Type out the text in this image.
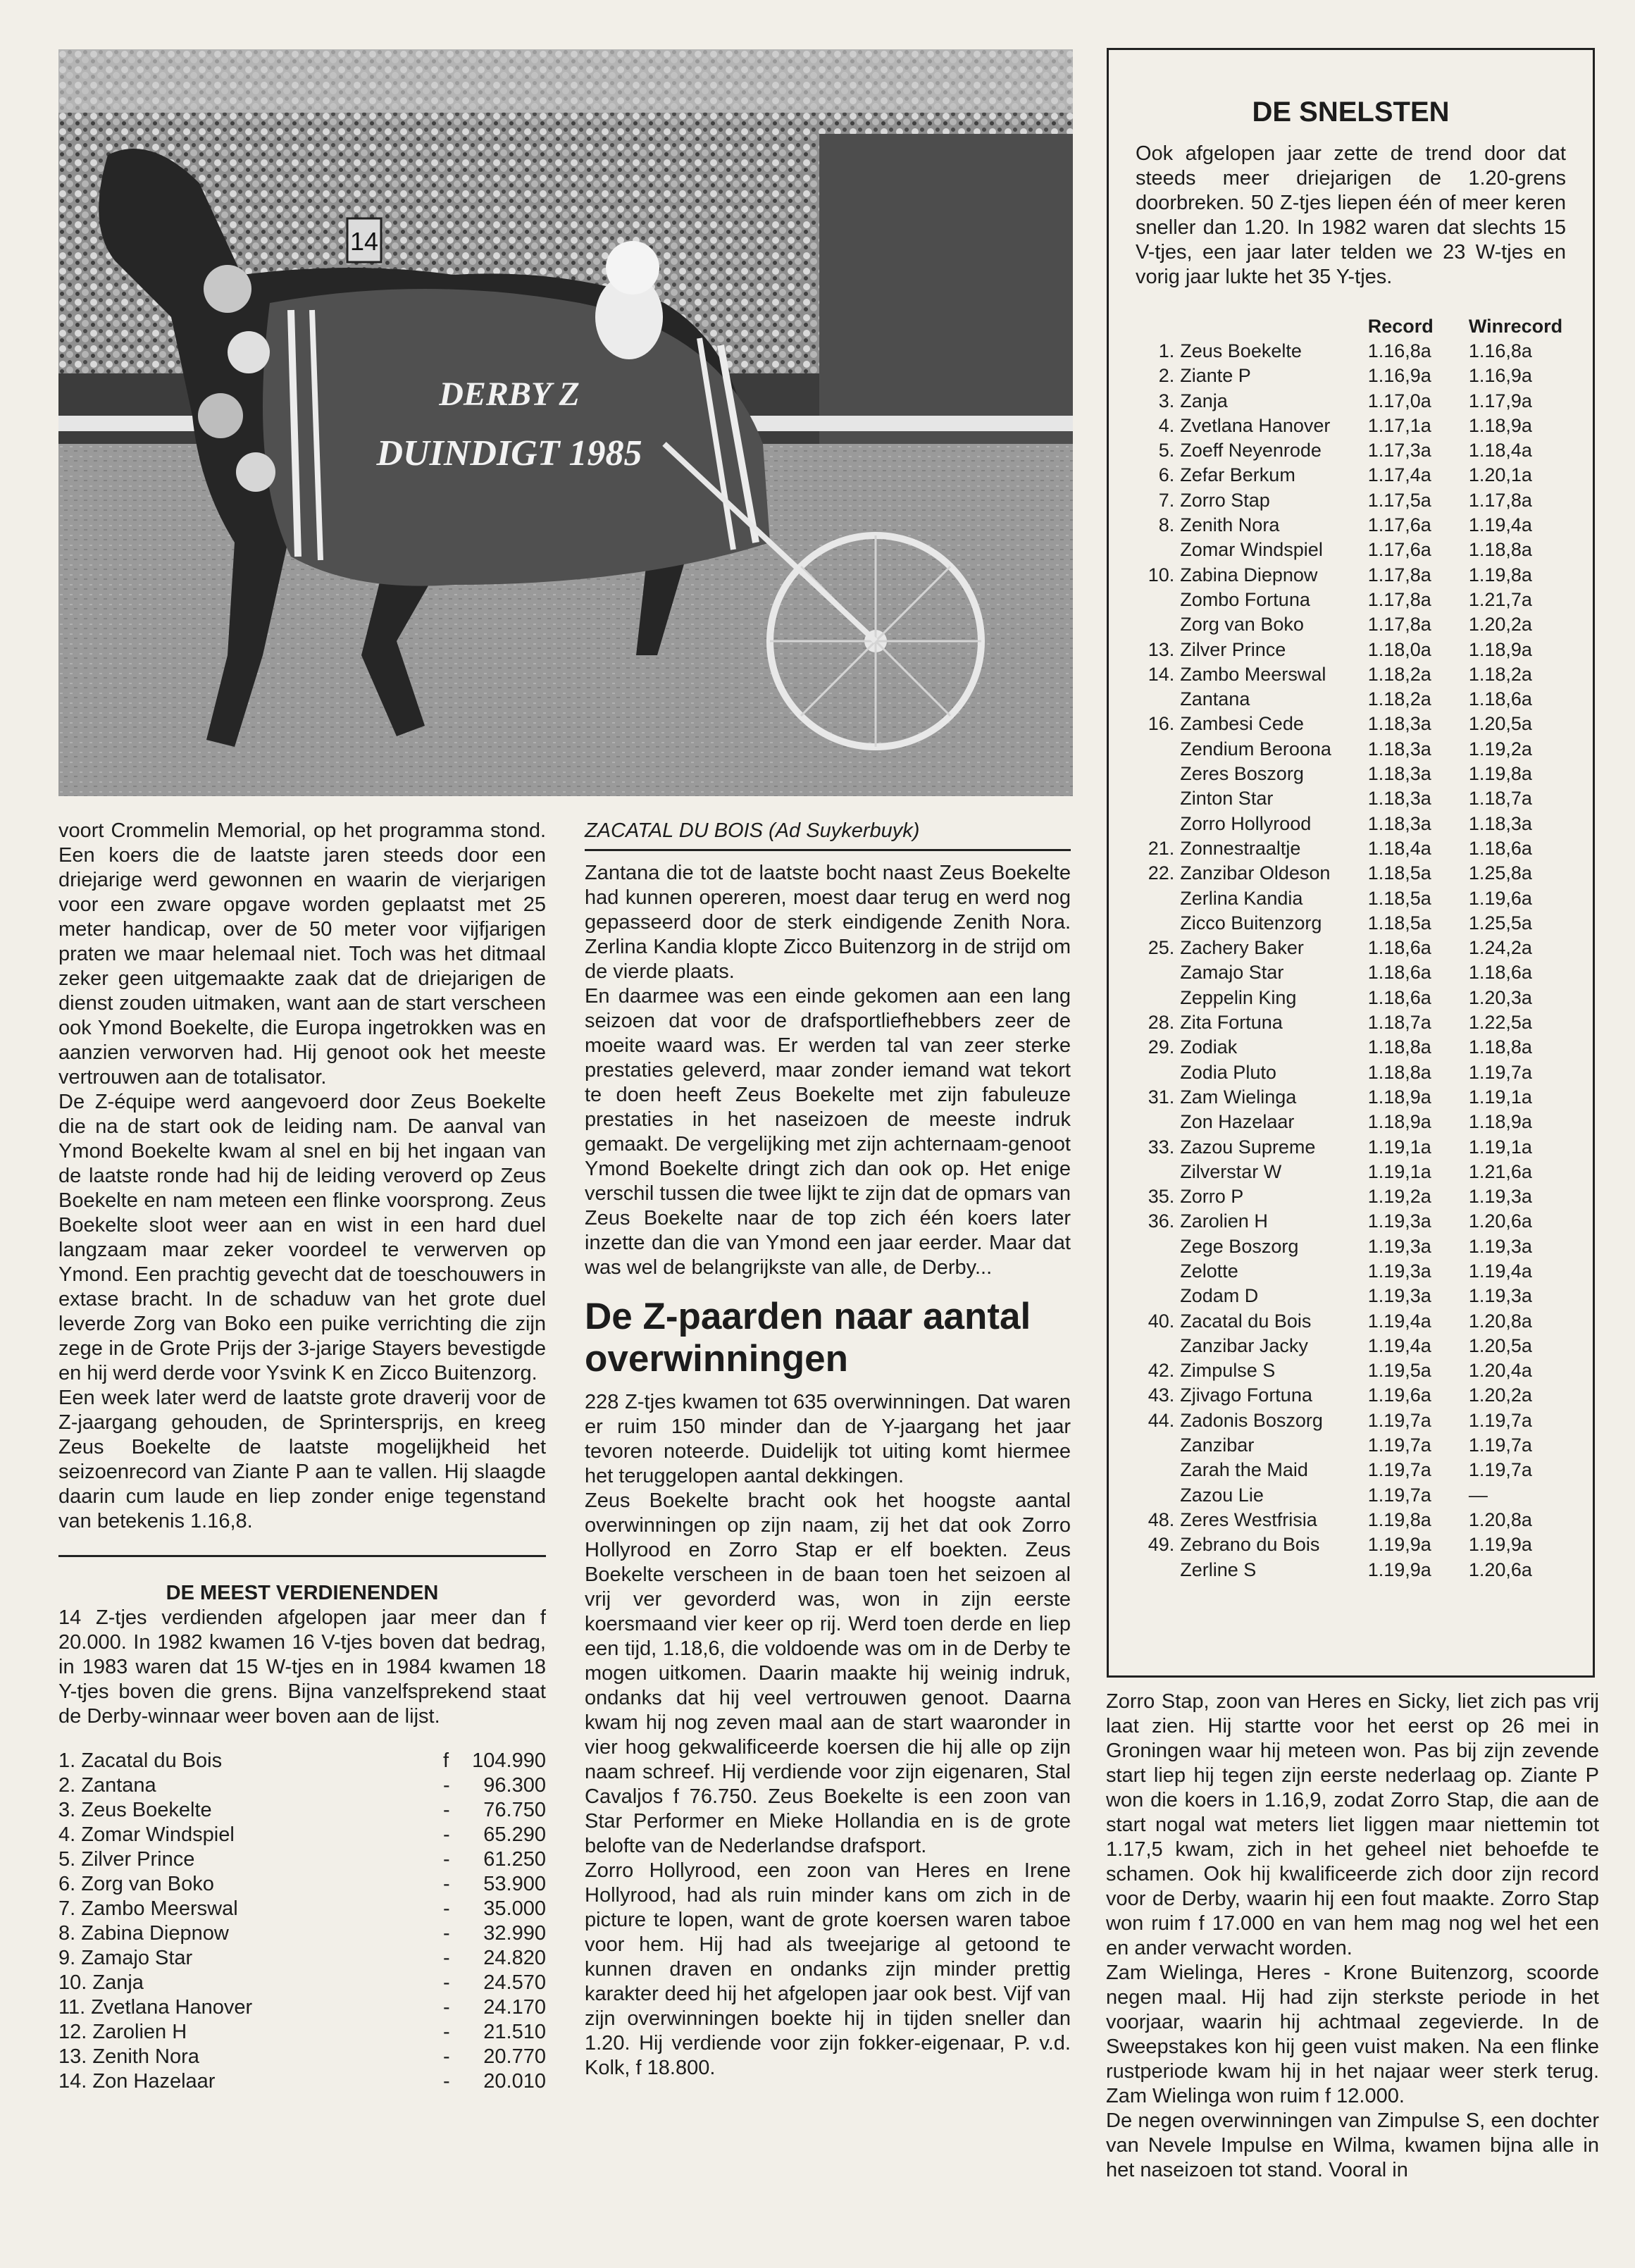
DERBY Z
DUINDIGT 1985
14

voort Crommelin Memorial, op het programma stond. Een koers die de laatste jaren steeds door een driejarige werd gewonnen en waarin de vierjarigen voor een zware opgave worden geplaatst met 25 meter handicap, over de 50 meter voor vijfjarigen praten we maar helemaal niet. Toch was het ditmaal zeker geen uitgemaakte zaak dat de driejarigen de dienst zouden uitmaken, want aan de start verscheen ook Ymond Boekelte, die Europa ingetrokken was en aanzien verworven had. Hij genoot ook het meeste vertrouwen aan de totalisator.

De Z-équipe werd aangevoerd door Zeus Boekelte die na de start ook de leiding nam. De aanval van Ymond Boekelte kwam al snel en bij het ingaan van de laatste ronde had hij de leiding veroverd op Zeus Boekelte en nam meteen een flinke voorsprong. Zeus Boekelte sloot weer aan en wist in een hard duel langzaam maar zeker voordeel te verwerven op Ymond. Een prachtig gevecht dat de toeschouwers in extase bracht. In de schaduw van het grote duel leverde Zorg van Boko een puike verrichting die zijn zege in de Grote Prijs der 3-jarige Stayers bevestigde en hij werd derde voor Ysvink K en Zicco Buitenzorg.

Een week later werd de laatste grote draverij voor de Z-jaargang gehouden, de Sprintersprijs, en kreeg Zeus Boekelte de laatste mogelijkheid het seizoenrecord van Ziante P aan te vallen. Hij slaagde daarin cum laude en liep zonder enige tegenstand van betekenis 1.16,8.

DE MEEST VERDIENENDEN

14 Z-tjes verdienden afgelopen jaar meer dan f 20.000. In 1982 kwamen 16 V-tjes boven dat bedrag, in 1983 waren dat 15 W-tjes en in 1984 kwamen 18 Y-tjes boven die grens. Bijna vanzelfsprekend staat de Derby-winnaar weer boven aan de lijst.

1. Zacatal du Bois	f	104.990
2. Zantana	-	96.300
3. Zeus Boekelte	-	76.750
4. Zomar Windspiel	-	65.290
5. Zilver Prince	-	61.250
6. Zorg van Boko	-	53.900
7. Zambo Meerswal	-	35.000
8. Zabina Diepnow	-	32.990
9. Zamajo Star	-	24.820
10. Zanja	-	24.570
11. Zvetlana Hanover	-	24.170
12. Zarolien H	-	21.510
13. Zenith Nora	-	20.770
14. Zon Hazelaar	-	20.010
ZACATAL DU BOIS (Ad Suykerbuyk)

Zantana die tot de laatste bocht naast Zeus Boekelte had kunnen opereren, moest daar terug en werd nog gepasseerd door de sterk eindigende Zenith Nora. Zerlina Kandia klopte Zicco Buitenzorg in de strijd om de vierde plaats.

En daarmee was een einde gekomen aan een lang seizoen dat voor de drafsportliefhebbers zeer de moeite waard was. Er werden tal van zeer sterke prestaties geleverd, maar zonder iemand wat tekort te doen heeft Zeus Boekelte met zijn fabuleuze prestaties in het naseizoen de meeste indruk gemaakt. De vergelijking met zijn achternaam-genoot Ymond Boekelte dringt zich dan ook op. Het enige verschil tussen die twee lijkt te zijn dat de opmars van Zeus Boekelte naar de top zich één koers later inzette dan die van Ymond een jaar eerder. Maar dat was wel de belangrijkste van alle, de Derby...

De Z-paarden naar aantal overwinningen

228 Z-tjes kwamen tot 635 overwinningen. Dat waren er ruim 150 minder dan de Y-jaargang het jaar tevoren noteerde. Duidelijk tot uiting komt hiermee het teruggelopen aantal dekkingen.

Zeus Boekelte bracht ook het hoogste aantal overwinningen op zijn naam, zij het dat ook Zorro Hollyrood en Zorro Stap er elf boekten. Zeus Boekelte verscheen in de baan toen het seizoen al vrij ver gevorderd was, won in zijn eerste koersmaand vier keer op rij. Werd toen derde en liep een tijd, 1.18,6, die voldoende was om in de Derby te mogen uitkomen. Daarin maakte hij weinig indruk, ondanks dat hij veel vertrouwen genoot. Daarna kwam hij nog zeven maal aan de start waaronder in vier hoog gekwalificeerde koersen die hij alle op zijn naam schreef. Hij verdiende voor zijn eigenaren, Stal Cavaljos f 76.750. Zeus Boekelte is een zoon van Star Performer en Mieke Hollandia en is de grote belofte van de Nederlandse drafsport.

Zorro Hollyrood, een zoon van Heres en Irene Hollyrood, had als ruin minder kans om zich in de picture te lopen, want de grote koersen waren taboe voor hem. Hij had als tweejarige al getoond te kunnen draven en ondanks zijn minder prettig karakter deed hij het afgelopen jaar ook best. Vijf van zijn overwinningen boekte hij in tijden sneller dan 1.20. Hij verdiende voor zijn fokker-eigenaar, P. v.d. Kolk, f 18.800.

DE SNELSTEN

Ook afgelopen jaar zette de trend door dat steeds meer driejarigen de 1.20-grens doorbreken. 50 Z-tjes liepen één of meer keren sneller dan 1.20. In 1982 waren dat slechts 15 V-tjes, een jaar later telden we 23 W-tjes en vorig jaar lukte het 35 Y-tjes.

Record	Winrecord
1. Zeus Boekelte	1.16,8a	1.16,8a
2. Ziante P	1.16,9a	1.16,9a
3. Zanja	1.17,0a	1.17,9a
4. Zvetlana Hanover	1.17,1a	1.18,9a
5. Zoeff Neyenrode	1.17,3a	1.18,4a
6. Zefar Berkum	1.17,4a	1.20,1a
7. Zorro Stap	1.17,5a	1.17,8a
8. Zenith Nora	1.17,6a	1.19,4a
Zomar Windspiel	1.17,6a	1.18,8a
10. Zabina Diepnow	1.17,8a	1.19,8a
Zombo Fortuna	1.17,8a	1.21,7a
Zorg van Boko	1.17,8a	1.20,2a
13. Zilver Prince	1.18,0a	1.18,9a
14. Zambo Meerswal	1.18,2a	1.18,2a
Zantana	1.18,2a	1.18,6a
16. Zambesi Cede	1.18,3a	1.20,5a
Zendium Beroona	1.18,3a	1.19,2a
Zeres Boszorg	1.18,3a	1.19,8a
Zinton Star	1.18,3a	1.18,7a
Zorro Hollyrood	1.18,3a	1.18,3a
21. Zonnestraaltje	1.18,4a	1.18,6a
22. Zanzibar Oldeson	1.18,5a	1.25,8a
Zerlina Kandia	1.18,5a	1.19,6a
Zicco Buitenzorg	1.18,5a	1.25,5a
25. Zachery Baker	1.18,6a	1.24,2a
Zamajo Star	1.18,6a	1.18,6a
Zeppelin King	1.18,6a	1.20,3a
28. Zita Fortuna	1.18,7a	1.22,5a
29. Zodiak	1.18,8a	1.18,8a
Zodia Pluto	1.18,8a	1.19,7a
31. Zam Wielinga	1.18,9a	1.19,1a
Zon Hazelaar	1.18,9a	1.18,9a
33. Zazou Supreme	1.19,1a	1.19,1a
Zilverstar W	1.19,1a	1.21,6a
35. Zorro P	1.19,2a	1.19,3a
36. Zarolien H	1.19,3a	1.20,6a
Zege Boszorg	1.19,3a	1.19,3a
Zelotte	1.19,3a	1.19,4a
Zodam D	1.19,3a	1.19,3a
40. Zacatal du Bois	1.19,4a	1.20,8a
Zanzibar Jacky	1.19,4a	1.20,5a
42. Zimpulse S	1.19,5a	1.20,4a
43. Zjivago Fortuna	1.19,6a	1.20,2a
44. Zadonis Boszorg	1.19,7a	1.19,7a
Zanzibar	1.19,7a	1.19,7a
Zarah the Maid	1.19,7a	1.19,7a
Zazou Lie	1.19,7a	—
48. Zeres Westfrisia	1.19,8a	1.20,8a
49. Zebrano du Bois	1.19,9a	1.19,9a
Zerline S	1.19,9a	1.20,6a

Zorro Stap, zoon van Heres en Sicky, liet zich pas vrij laat zien. Hij startte voor het eerst op 26 mei in Groningen waar hij meteen won. Pas bij zijn zevende start liep hij tegen zijn eerste nederlaag op. Ziante P won die koers in 1.16,9, zodat Zorro Stap, die aan de start nogal wat meters liet liggen maar niettemin tot 1.17,5 kwam, zich in het geheel niet behoefde te schamen. Ook hij kwalificeerde zich door zijn record voor de Derby, waarin hij een fout maakte. Zorro Stap won ruim f 17.000 en van hem mag nog wel het een en ander verwacht worden.

Zam Wielinga, Heres - Krone Buitenzorg, scoorde negen maal. Hij had zijn sterkste periode in het voorjaar, waarin hij achtmaal zegevierde. In de Sweepstakes kon hij geen vuist maken. Na een flinke rustperiode kwam hij in het najaar weer sterk terug. Zam Wielinga won ruim f 12.000.

De negen overwinningen van Zimpulse S, een dochter van Nevele Impulse en Wilma, kwamen bijna alle in het naseizoen tot stand. Vooral in
